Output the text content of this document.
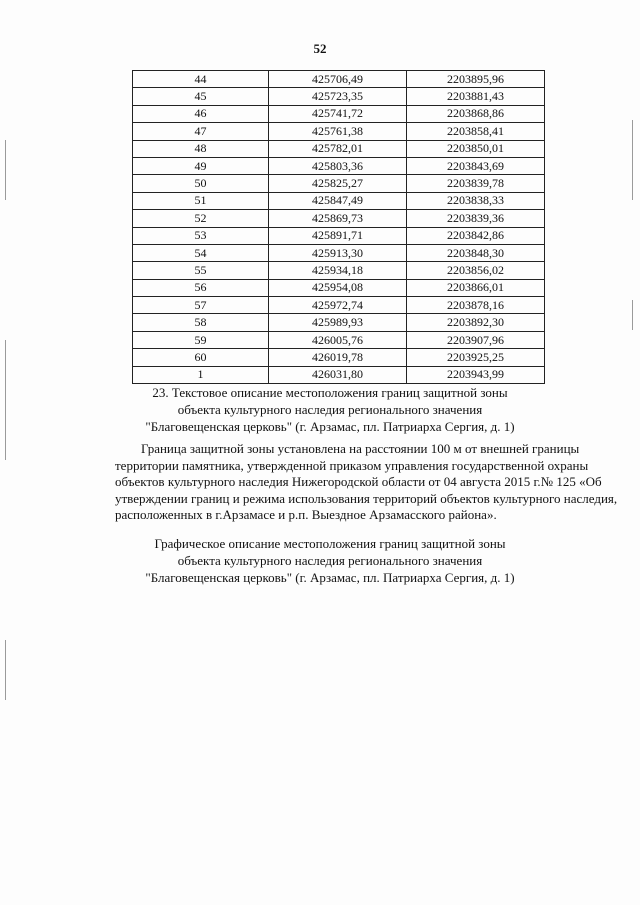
52
44	425706,49	2203895,96
45	425723,35	2203881,43
46	425741,72	2203868,86
47	425761,38	2203858,41
48	425782,01	2203850,01
49	425803,36	2203843,69
50	425825,27	2203839,78
51	425847,49	2203838,33
52	425869,73	2203839,36
53	425891,71	2203842,86
54	425913,30	2203848,30
55	425934,18	2203856,02
56	425954,08	2203866,01
57	425972,74	2203878,16
58	425989,93	2203892,30
59	426005,76	2203907,96
60	426019,78	2203925,25
1	426031,80	2203943,99
23. Текстовое описание местоположения границ защитной зоны
объекта культурного наследия регионального значения
"Благовещенская церковь" (г. Арзамас, пл. Патриарха Сергия, д. 1)
Граница защитной зоны установлена на расстоянии 100 м от внешней границы
территории памятника, утвержденной приказом управления государственной охраны
объектов культурного наследия Нижегородской области от 04 августа 2015 г.№ 125 «Об
утверждении границ и режима использования территорий объектов культурного наследия,
расположенных в г.Арзамасе и р.п. Выездное Арзамасского района».
Графическое описание местоположения границ защитной зоны
объекта культурного наследия регионального значения
"Благовещенская церковь" (г. Арзамас, пл. Патриарха Сергия, д. 1)
